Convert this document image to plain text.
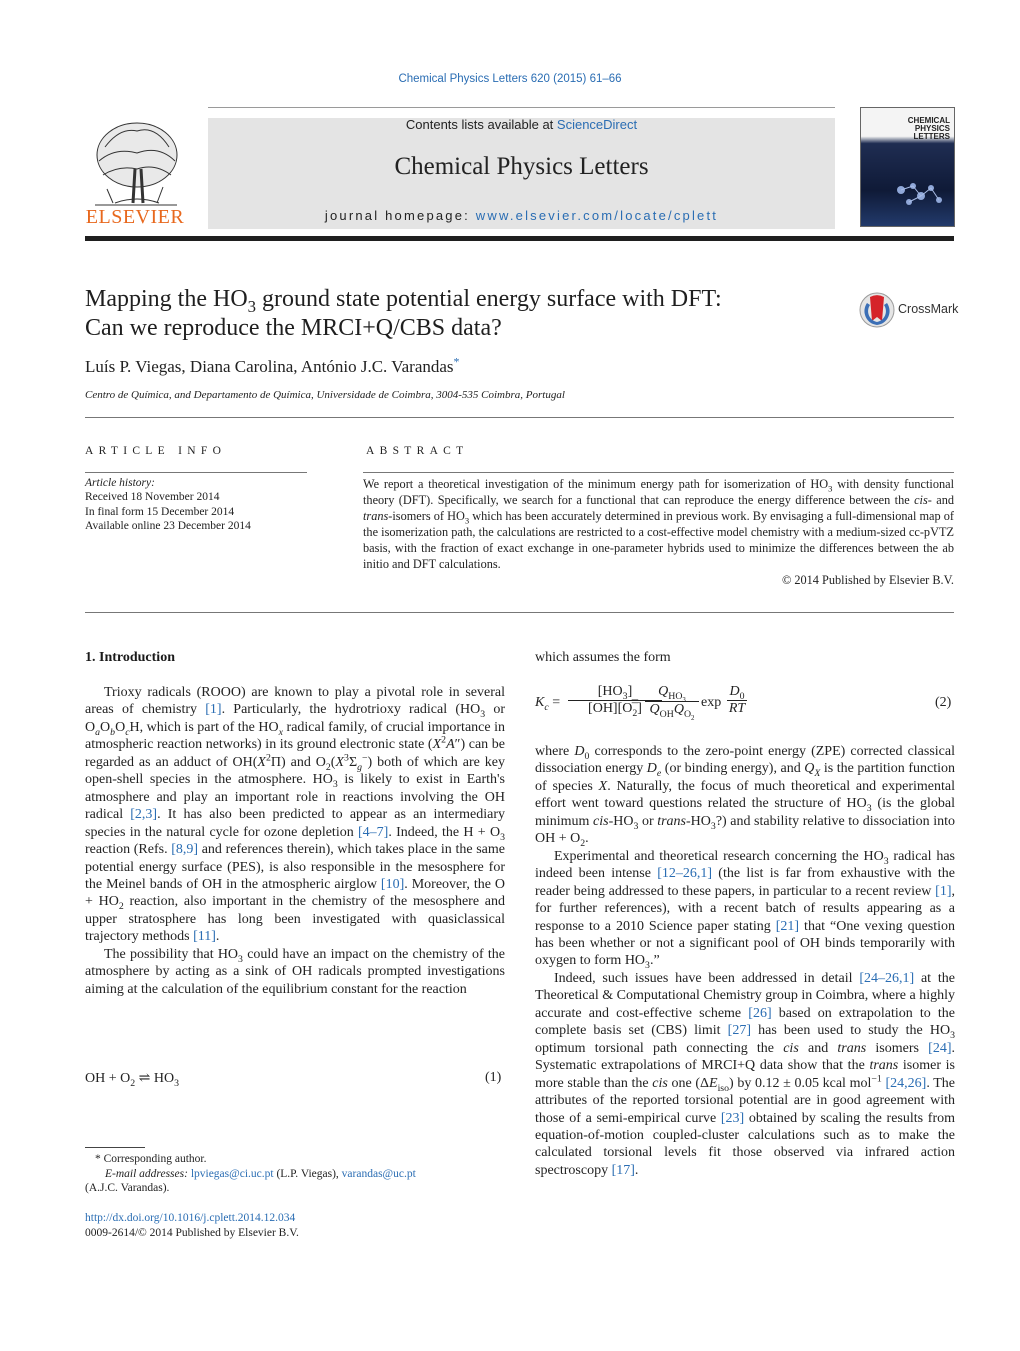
Chemical Physics Letters 620 (2015) 61–66
Contents lists available at ScienceDirect
Chemical Physics Letters
journal homepage: www.elsevier.com/locate/cplett
ELSEVIER
CHEMICAL
PHYSICS
LETTERS
Mapping the $HO_3$ ground state potential energy surface with DFT:
Can we reproduce the MRCI+Q/CBS data?
CrossMark
Luís P. Viegas, Diana Carolina, António J.C. Varandas*
Centro de Química, and Departamento de Química, Universidade de Coimbra, 3004-535 Coimbra, Portugal
ARTICLE INFO
Article history:
Received 18 November 2014
In final form 15 December 2014
Available online 23 December 2014
ABSTRACT
We report a theoretical investigation of the minimum energy path for isomerization of $HO_3$ with density functional theory (DFT). Specifically, we search for a functional that can reproduce the energy difference between the cis- and trans-isomers of $HO_3$ which has been accurately determined in previous work. By envisaging a full-dimensional map of the isomerization path, the calculations are restricted to a cost-effective model chemistry with a medium-sized cc-pVTZ basis, with the fraction of exact exchange in one-parameter hybrids used to minimize the differences between the ab initio and DFT calculations.
© 2014 Published by Elsevier B.V.
1. Introduction

Trioxy radicals (ROOO) are known to play a pivotal role in several areas of chemistry [1]. Particularly, the hydrotrioxy radical ($HO_3$ or $O_aO_bO_cH$, which is part of the $HO_x$ radical family, of crucial importance in atmospheric reaction networks) in its ground electronic state $(X^2A'')$ can be regarded as an adduct of $OH(X^2\Pi)$ and $O_2(X^3\Sigma_g^-)$ both of which are key open-shell species in the atmosphere. $HO_3$ is likely to exist in Earth's atmosphere and play an important role in reactions involving the OH radical [2,3]. It has also been predicted to appear as an intermediary species in the natural cycle for ozone depletion [4–7]. Indeed, the $H + O_3$ reaction (Refs. [8,9] and references therein), which takes place in the same potential energy surface (PES), is also responsible in the mesosphere for the Meinel bands of OH in the atmospheric airglow [10]. Moreover, the $O + HO_2$ reaction, also important in the chemistry of the mesosphere and upper stratosphere has long been investigated with quasiclassical trajectory methods [11].

The possibility that $HO_3$ could have an impact on the chemistry of the atmosphere by acting as a sink of OH radicals prompted investigations aiming at the calculation of the equilibrium constant for the reaction

OH + $O_2$ ⇌ $HO_3$	(1)
* Corresponding author.
E-mail addresses: lpviegas@ci.uc.pt (L.P. Viegas), varandas@uc.pt
(A.J.C. Varandas).
http://dx.doi.org/10.1016/j.cplett.2014.12.034
0009-2614/© 2014 Published by Elsevier B.V.
which assumes the form
$K_c$ =
$[HO_3]$
$[OH][O_2]$
=
$Q_{HO_3}$
$Q_{OH}Q_{O_2}$
exp
$D_0$
RT	(2)

where $D_0$ corresponds to the zero-point energy (ZPE) corrected classical dissociation energy $D_e$ (or binding energy), and $Q_X$ is the partition function of species X. Naturally, the focus of much theoretical and experimental effort went toward questions related the structure of $HO_3$ (is the global minimum cis-$HO_3$ or trans-$HO_3$?) and stability relative to dissociation into OH + $O_2$.

Experimental and theoretical research concerning the $HO_3$ radical has indeed been intense [12–26,1] (the list is far from exhaustive with the reader being addressed to these papers, in particular to a recent review [1], for further references), with a recent batch of results appearing as a response to a 2010 Science paper stating [21] that “One vexing question has been whether or not a significant pool of OH binds temporarily with oxygen to form $HO_3$.”

Indeed, such issues have been addressed in detail [24–26,1] at the Theoretical & Computational Chemistry group in Coimbra, where a highly accurate and cost-effective scheme [26] based on extrapolation to the complete basis set (CBS) limit [27] has been used to study the $HO_3$ optimum torsional path connecting the cis and trans isomers [24]. Systematic extrapolations of MRCI+Q data show that the trans isomer is more stable than the cis one $(\Delta E_{iso})$ by 0.12 ± 0.05 kcal mol$^{-1}$ [24,26]. The attributes of the reported torsional potential are in good agreement with those of a semi-empirical curve [23] obtained by scaling the results from equation-of-motion coupled-cluster calculations such as to make the calculated torsional levels fit those observed via infrared action spectroscopy [17].
